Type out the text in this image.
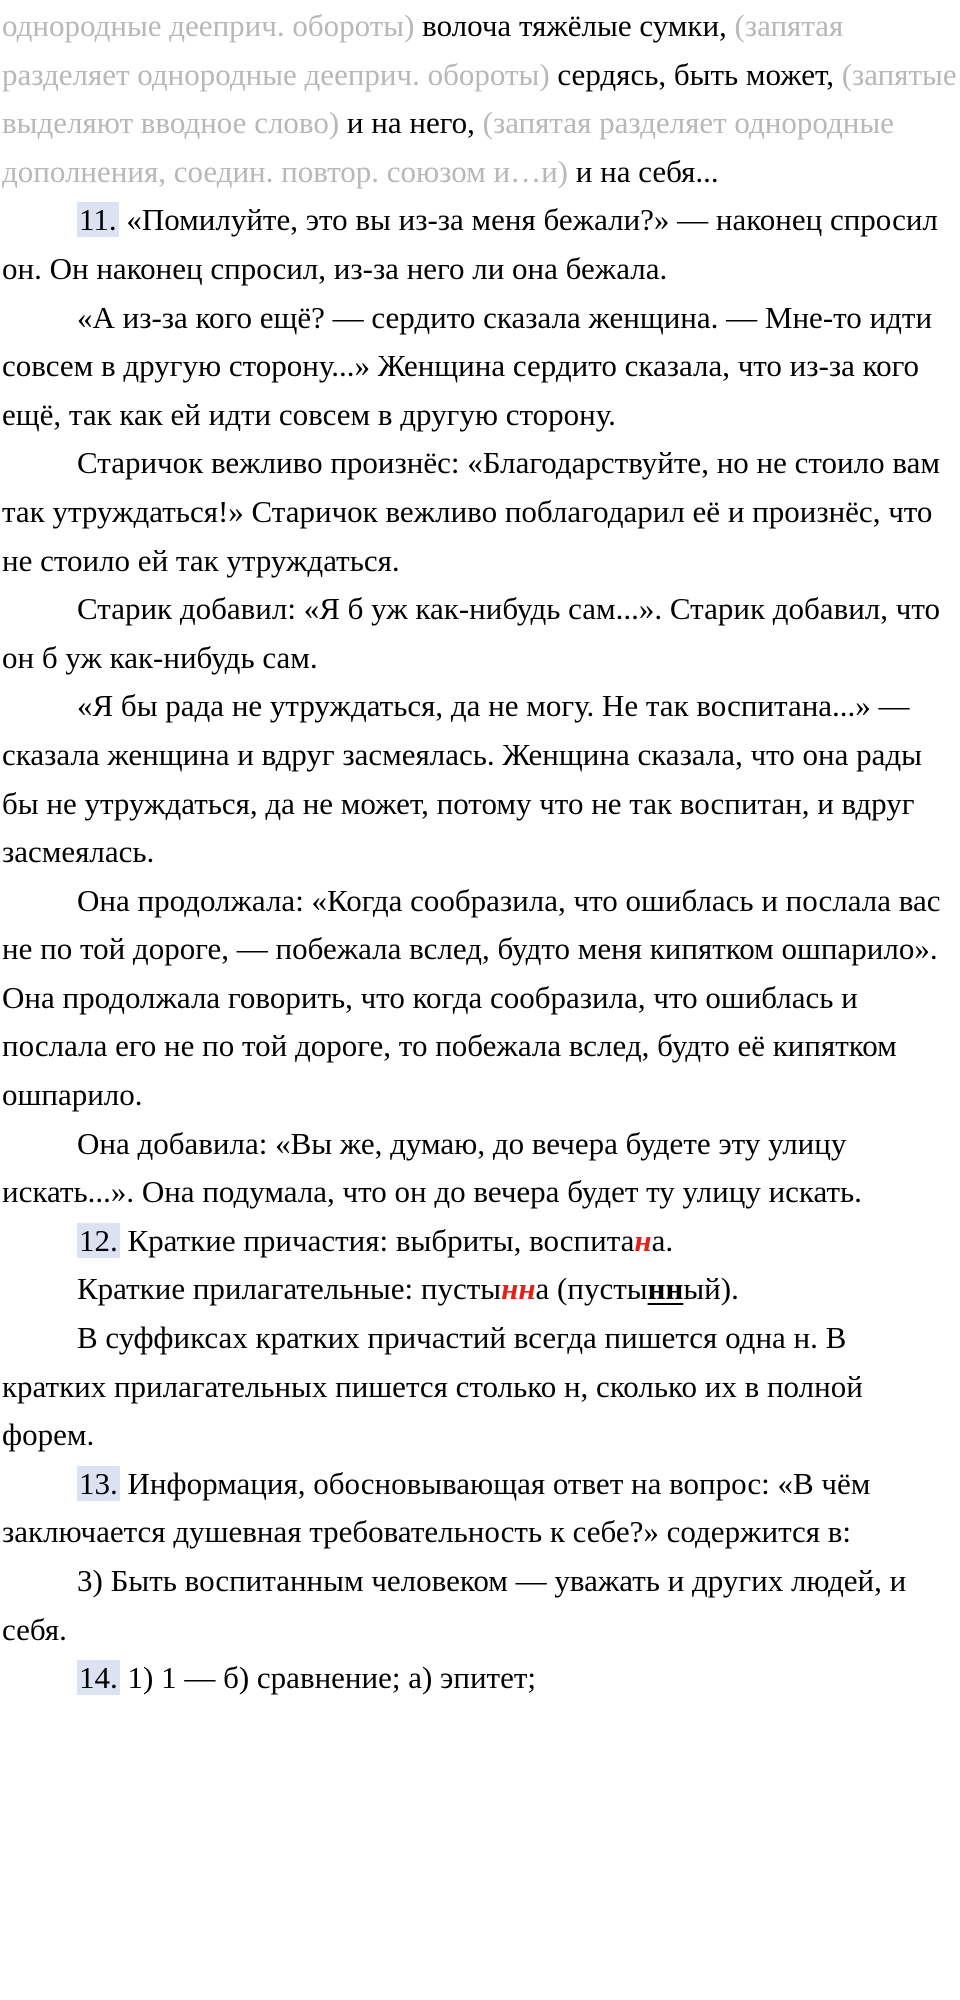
однородные дееприч. обороты) волоча тяжёлые сумки, (запятая разделяет однородные дееприч. обороты) сердясь, быть может, (запятые выделяют вводное слово) и на него, (запятая разделяет однородные дополнения, соедин. повтор. союзом и…и) и на себя...

11. «Помилуйте, это вы из-за меня бежали?» — наконец спросил он. Он наконец спросил, из-за него ли она бежала.

«А из-за кого ещё? — сердито сказала женщина. — Мне-то идти совсем в другую сторону...» Женщина сердито сказала, что из-за кого ещё, так как ей идти совсем в другую сторону.

Старичок вежливо произнёс: «Благодарствуйте, но не стоило вам так утруждаться!» Старичок вежливо поблагодарил её и произнёс, что не стоило ей так утруждаться.

Старик добавил: «Я б уж как-нибудь сам...». Старик добавил, что он б уж как-нибудь сам.

«Я бы рада не утруждаться, да не могу. Не так воспитана...» — сказала женщина и вдруг засмеялась. Женщина сказала, что она рады бы не утруждаться, да не может, потому что не так воспитан, и вдруг засмеялась.

Она продолжала: «Когда сообразила, что ошиблась и послала вас не по той дороге, — побежала вслед, будто меня кипятком ошпарило». Она продолжала говорить, что когда сообразила, что ошиблась и послала его не по той дороге, то побежала вслед, будто её кипятком ошпарило.

Она добавила: «Вы же, думаю, до вечера будете эту улицу искать...». Она подумала, что он до вечера будет ту улицу искать.

12. Краткие причастия: выбриты, воспитана.

Краткие прилагательные: пустынна (пустынный).

В суффиксах кратких причастий всегда пишется одна н. В кратких прилагательных пишется столько н, сколько их в полной форем.

13. Информация, обосновывающая ответ на вопрос: «В чём заключается душевная требовательность к себе?» содержится в:

3) Быть воспитанным человеком — уважать и других людей, и себя.

14. 1) 1 — б) сравнение; а) эпитет;
